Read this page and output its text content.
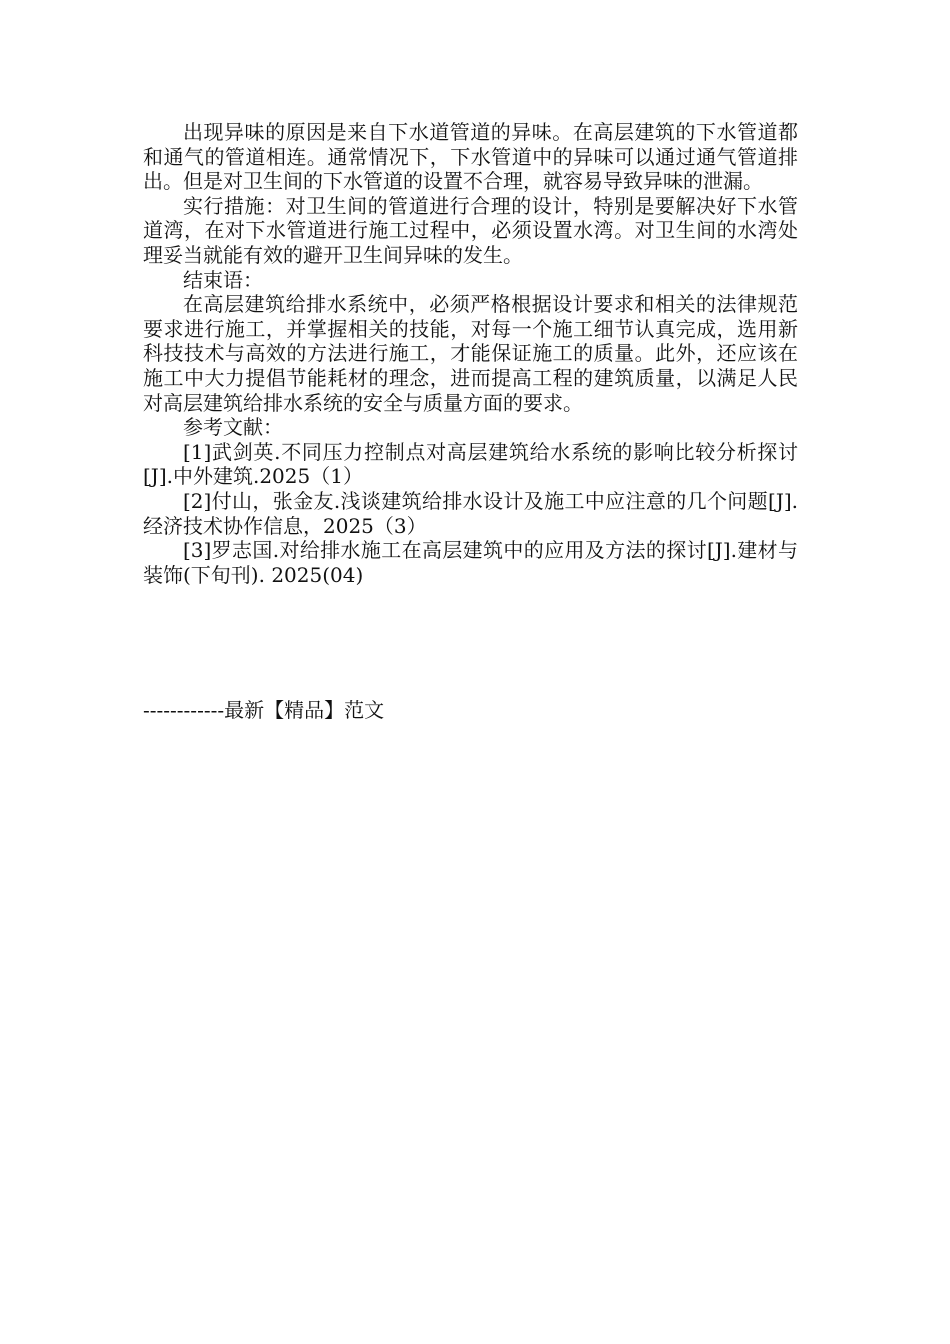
出现异味的原因是来自下水道管道的异味。在高层建筑的下水管道都和通气的管道相连。通常情况下，下水管道中的异味可以通过通气管道排出。但是对卫生间的下水管道的设置不合理，就容易导致异味的泄漏。

实行措施：对卫生间的管道进行合理的设计，特别是要解决好下水管道湾，在对下水管道进行施工过程中，必须设置水湾。对卫生间的水湾处理妥当就能有效的避开卫生间异味的发生。

结束语：

在高层建筑给排水系统中，必须严格根据设计要求和相关的法律规范要求进行施工，并掌握相关的技能，对每一个施工细节认真完成，选用新科技技术与高效的方法进行施工，才能保证施工的质量。此外，还应该在施工中大力提倡节能耗材的理念，进而提高工程的建筑质量，以满足人民对高层建筑给排水系统的安全与质量方面的要求。

参考文献：

[1]武剑英.不同压力控制点对高层建筑给水系统的影响比较分析探讨[J].中外建筑.2025（1）

[2]付山，张金友.浅谈建筑给排水设计及施工中应注意的几个问题[J].经济技术协作信息，2025（3）

[3]罗志国.对给排水施工在高层建筑中的应用及方法的探讨[J].建材与装饰(下旬刊). 2025(04)

------------最新【精品】范文
